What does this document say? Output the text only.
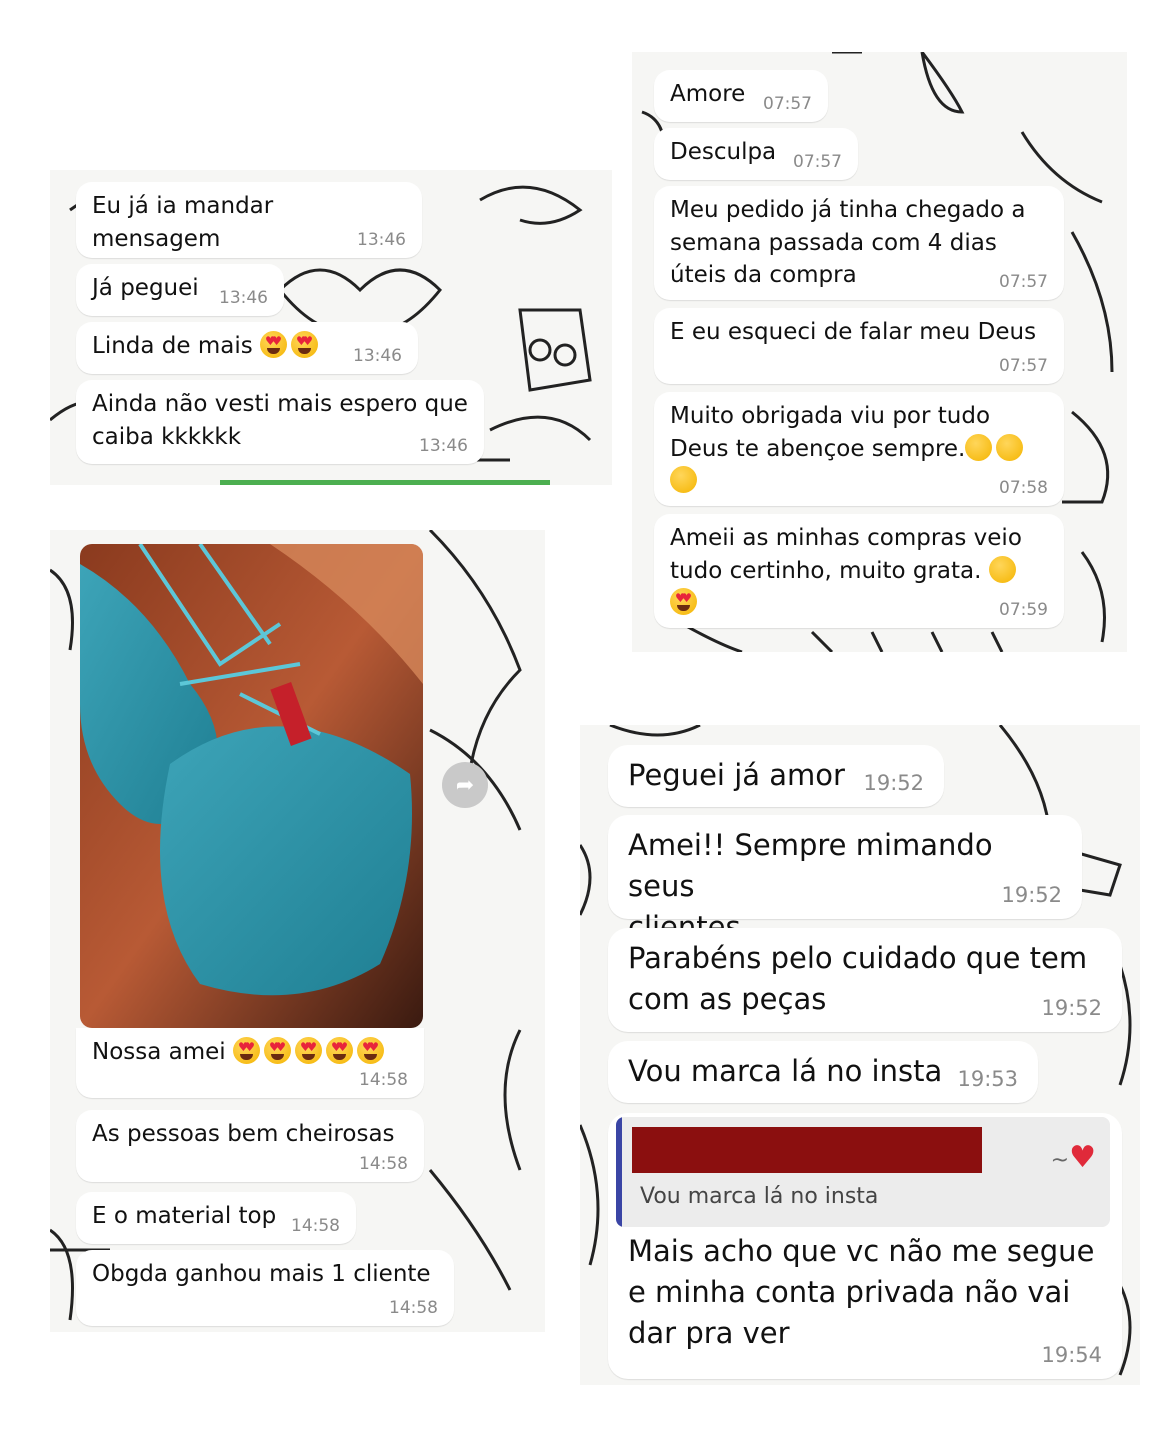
Eu já ia mandar mensagem	13:46
Já peguei	13:46
Linda de mais ♥
♥♥
♥	13:46
Ainda não vesti mais espero que
caiba kkkkkk	13:46
Amore	07:57
Desculpa 07:57
Meu pedido já tinha chegado a
semana passada com 4 dias
úteis da compra	07:57
E eu esqueci de falar meu Deus
07:57
Muito obrigada viu por tudo
Deus te abençoe sempre.

07:58
Ameii as minhas compras veio
tudo certinho, muito grata.
♥
♥
07:59
➦
Nossa amei ♥
♥♥
♥♥
♥♥
♥♥
♥
14:58
As pessoas bem cheirosas
14:58
E o material top 14:58
Obgda ganhou mais 1 cliente
14:58
Peguei já amor 19:52
Amei!! Sempre mimando seus	19:52
Parabéns pelo cuidado que tem
com as peças	19:52
Vou marca lá no insta 19:53
~♥
Vou marca lá no insta
Mais acho que vc não me segue
e minha conta privada não vai
dar pra ver
19:54
